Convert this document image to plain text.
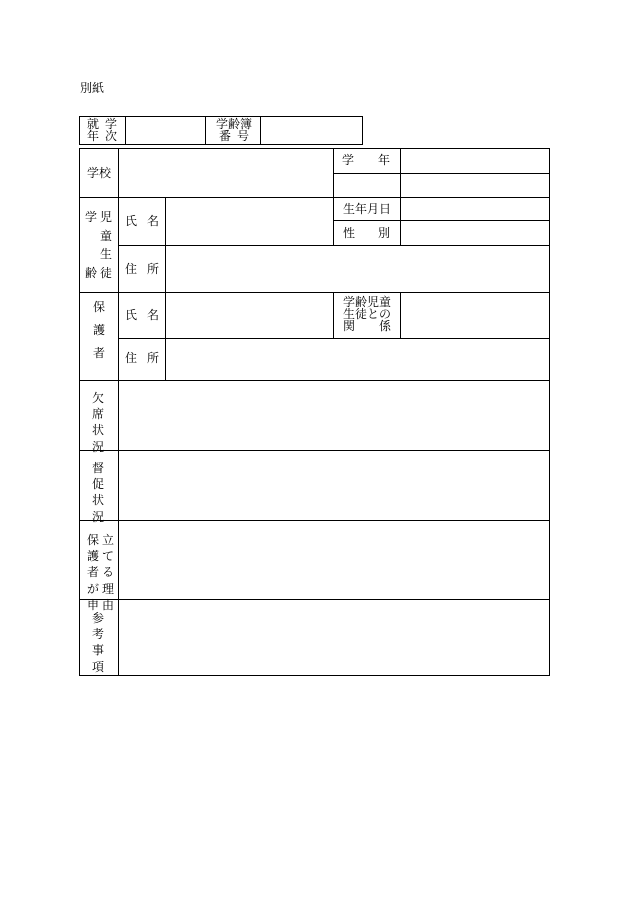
別紙
就 学
年 次
学齢簿
番 号
学校
学 年
学
齢
児
童
生
徒
氏 名
生年月日
性 別
住 所
保
護
者
氏 名
学齢児童
生徒との
関 係
住 所
欠
席
状
況
督
促
状
況
立
て
る
理
由
保
護
者
が
申
参
考
事
項
